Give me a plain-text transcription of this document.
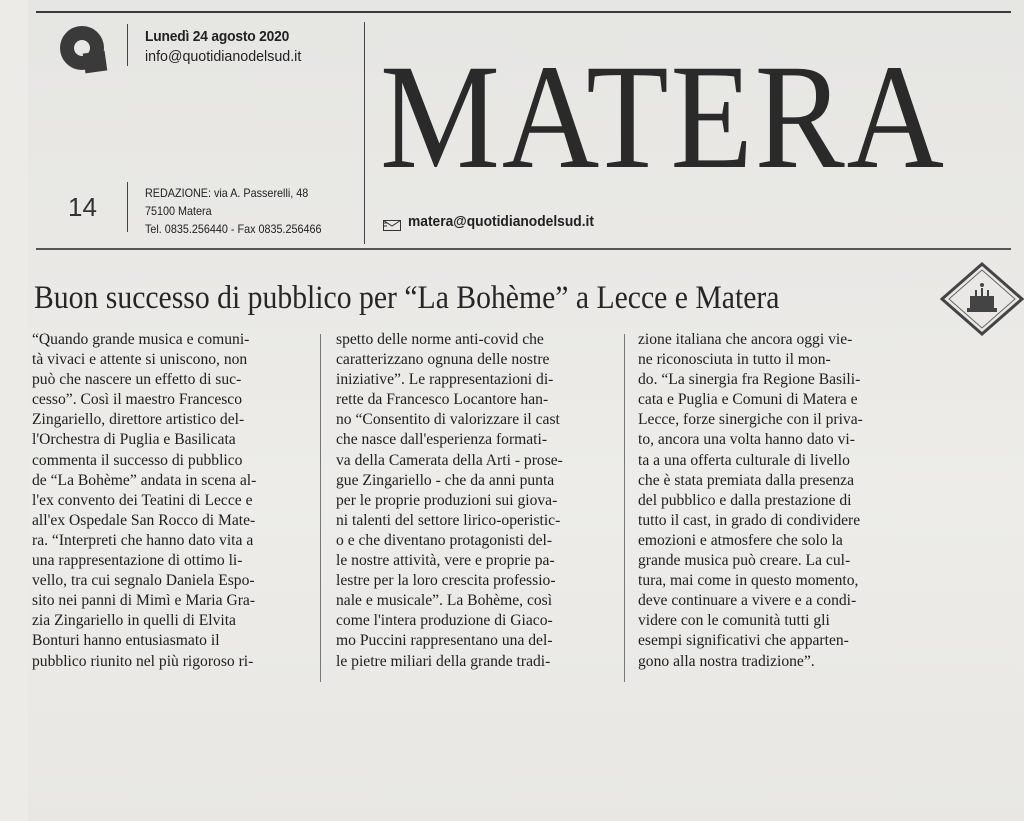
Lunedì 24 agosto 2020
info@quotidianodelsud.it
14	REDAZIONE: via A. Passerelli, 48
75100 Matera
Tel. 0835.256440 - Fax 0835.256466
MATERA
matera@quotidianodelsud.it
Buon successo di pubblico per “La Bohème” a Lecce e Matera
“Quando grande musica e comuni-
tà vivaci e attente si uniscono, non
può che nascere un effetto di suc-
cesso”. Così il maestro Francesco
Zingariello, direttore artistico del-
l'Orchestra di Puglia e Basilicata
commenta il successo di pubblico
de “La Bohème” andata in scena al-
l'ex convento dei Teatini di Lecce e
all'ex Ospedale San Rocco di Mate-
ra. “Interpreti che hanno dato vita a
una rappresentazione di ottimo li-
vello, tra cui segnalo Daniela Espo-
sito nei panni di Mimì e Maria Gra-
zia Zingariello in quelli di Elvita
Bonturi hanno entusiasmato il
pubblico riunito nel più rigoroso ri-
spetto delle norme anti-covid che
caratterizzano ognuna delle nostre
iniziative”. Le rappresentazioni di-
rette da Francesco Locantore han-
no “Consentito di valorizzare il cast
che nasce dall'esperienza formati-
va della Camerata della Arti - prose-
gue Zingariello - che da anni punta
per le proprie produzioni sui giova-
ni talenti del settore lirico-operistic-
o e che diventano protagonisti del-
le nostre attività, vere e proprie pa-
lestre per la loro crescita professio-
nale e musicale”. La Bohème, così
come l'intera produzione di Giaco-
mo Puccini rappresentano una del-
le pietre miliari della grande tradi-
zione italiana che ancora oggi vie-
ne riconosciuta in tutto il mon-
do. “La sinergia fra Regione Basili-
cata e Puglia e Comuni di Matera e
Lecce, forze sinergiche con il priva-
to, ancora una volta hanno dato vi-
ta a una offerta culturale di livello
che è stata premiata dalla presenza
del pubblico e dalla prestazione di
tutto il cast, in grado di condividere
emozioni e atmosfere che solo la
grande musica può creare. La cul-
tura, mai come in questo momento,
deve continuare a vivere e a condi-
videre con le comunità tutti gli
esempi significativi che apparten-
gono alla nostra tradizione”.
